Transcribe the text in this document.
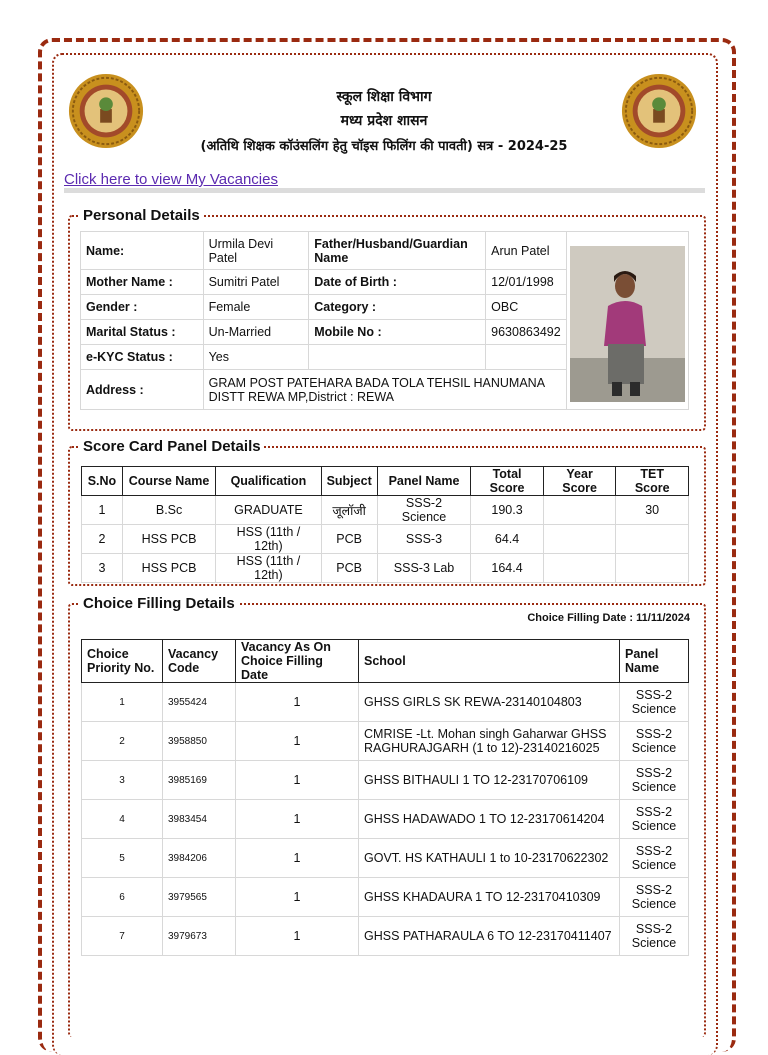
स्कूल शिक्षा विभाग
मध्य प्रदेश शासन
(अतिथि शिक्षक कॉउंसलिंग हेतु चॉइस फिलिंग की पावती) सत्र - 2024-25
Click here to view My Vacancies
Personal Details
Name:	Urmila Devi Patel	Father/Husband/Guardian Name	Arun Patel	
Mother Name :	Sumitri Patel	Date of Birth :	12/01/1998	
Gender :	Female	Category :	OBC	
Marital Status :	Un-Married	Mobile No :	9630863492	
e-KYC Status :	Yes			
Address :	GRAM POST PATEHARA BADA TOLA TEHSIL HANUMANA DISTT REWA MP,District : REWA			
Score Card Panel Details
S.No	Course Name	Qualification	Subject	Panel Name	Total Score	Year Score	TET Score
1	B.Sc	GRADUATE	जूलॉजी	SSS-2 Science	190.3		30
2	HSS PCB	HSS (11th / 12th)	PCB	SSS-3	64.4		
3	HSS PCB	HSS (11th / 12th)	PCB	SSS-3 Lab	164.4		
Choice Filling Details
Choice Filling Date : 11/11/2024
Choice Priority No.	Vacancy Code	Vacancy As On Choice Filling Date	School	Panel Name
1	3955424	1	GHSS GIRLS SK REWA-23140104803	SSS-2 Science
2	3958850	1	CMRISE -Lt. Mohan singh Gaharwar GHSS RAGHURAJGARH (1 to 12)-23140216025	SSS-2 Science
3	3985169	1	GHSS BITHAULI 1 TO 12-23170706109	SSS-2 Science
4	3983454	1	GHSS HADAWADO 1 TO 12-23170614204	SSS-2 Science
5	3984206	1	GOVT. HS KATHAULI 1 to 10-23170622302	SSS-2 Science
6	3979565	1	GHSS KHADAURA 1 TO 12-23170410309	SSS-2 Science
7	3979673	1	GHSS PATHARAULA 6 TO 12-23170411407	SSS-2 Science
